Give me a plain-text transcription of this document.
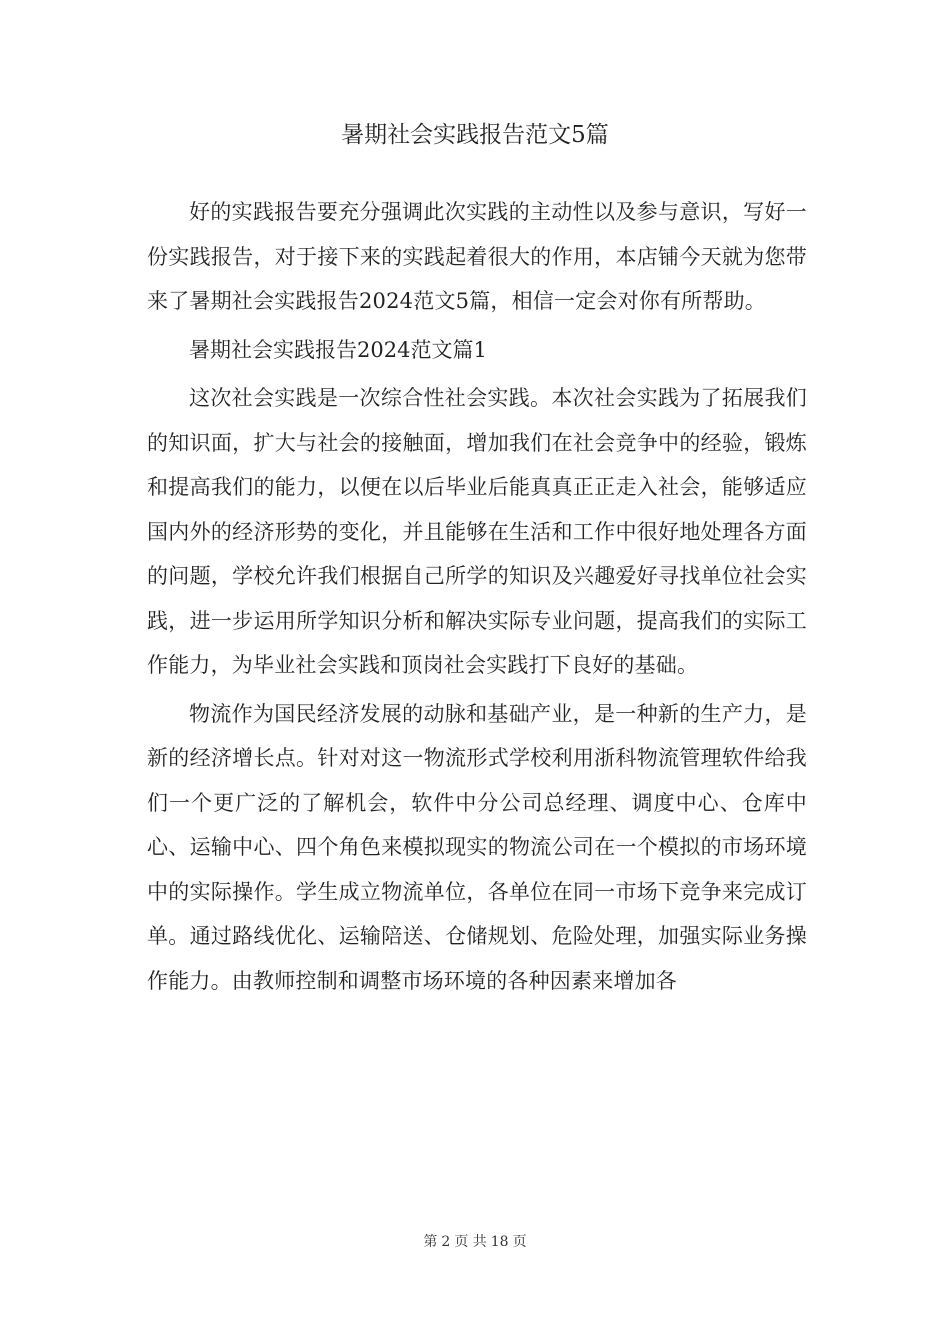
暑期社会实践报告范文5篇

好的实践报告要充分强调此次实践的主动性以及参与意识，写好一份实践报告，对于接下来的实践起着很大的作用，本店铺今天就为您带来了暑期社会实践报告2024范文5篇，相信一定会对你有所帮助。

暑期社会实践报告2024范文篇1

这次社会实践是一次综合性社会实践。本次社会实践为了拓展我们的知识面，扩大与社会的接触面，增加我们在社会竞争中的经验，锻炼和提高我们的能力，以便在以后毕业后能真真正正走入社会，能够适应国内外的经济形势的变化，并且能够在生活和工作中很好地处理各方面的问题，学校允许我们根据自己所学的知识及兴趣爱好寻找单位社会实践，进一步运用所学知识分析和解决实际专业问题，提高我们的实际工作能力，为毕业社会实践和顶岗社会实践打下良好的基础。

物流作为国民经济发展的动脉和基础产业，是一种新的生产力，是新的经济增长点。针对对这一物流形式学校利用浙科物流管理软件给我们一个更广泛的了解机会，软件中分公司总经理、调度中心、仓库中心、运输中心、四个角色来模拟现实的物流公司在一个模拟的市场环境中的实际操作。学生成立物流单位，各单位在同一市场下竞争来完成订单。通过路线优化、运输陪送、仓储规划、危险处理，加强实际业务操作能力。由教师控制和调整市场环境的各种因素来增加各

第 2 页 共 18 页
